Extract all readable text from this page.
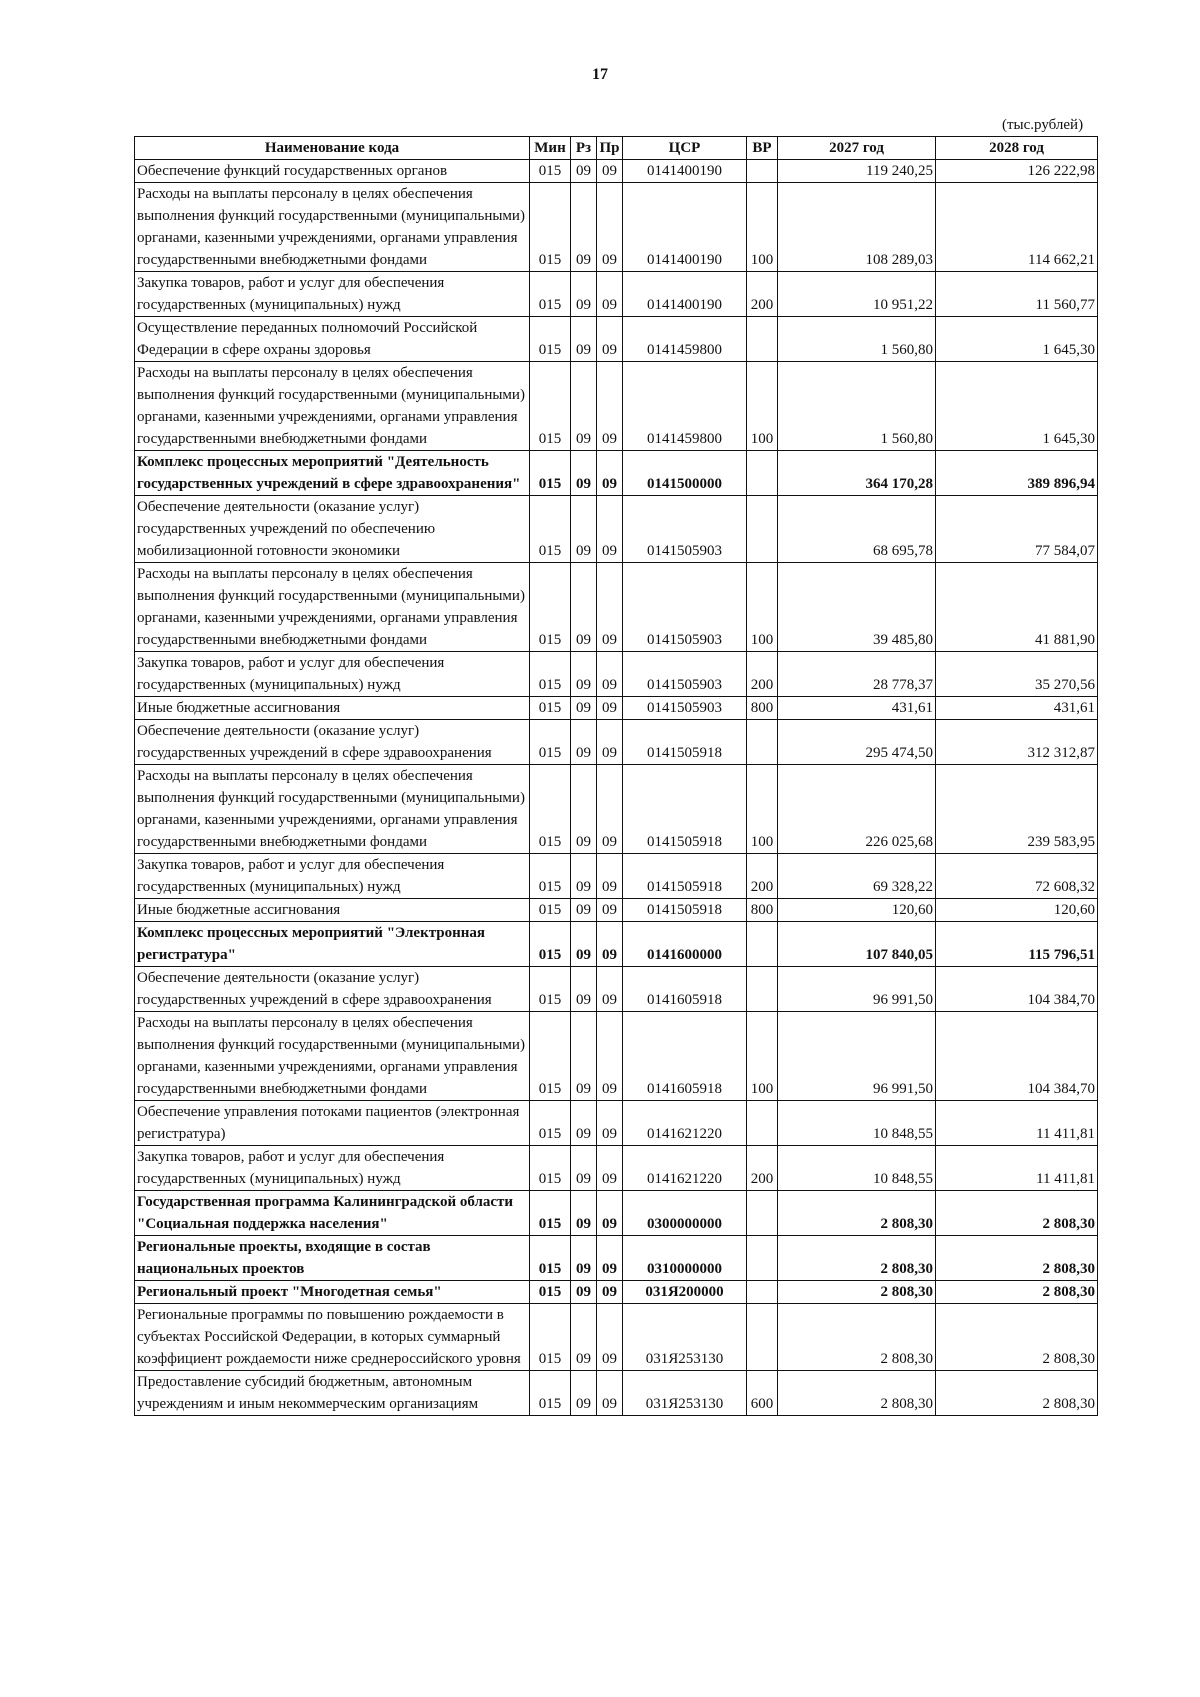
17
(тыс.рублей)
Наименование кода	Мин	Рз	Пр	ЦСР	ВР	2027 год	2028 год
Обеспечение функций государственных органов	015	09	09	0141400190		119 240,25	126 222,98
Расходы на выплаты персоналу в целях обеспечения выполнения функций государственными (муниципальными) органами, казенными учреждениями, органами управления государственными внебюджетными фондами	015	09	09	0141400190	100	108 289,03	114 662,21
Закупка товаров, работ и услуг для обеспечения государственных (муниципальных) нужд	015	09	09	0141400190	200	10 951,22	11 560,77
Осуществление переданных полномочий Российской Федерации в сфере охраны здоровья	015	09	09	0141459800		1 560,80	1 645,30
Расходы на выплаты персоналу в целях обеспечения выполнения функций государственными (муниципальными) органами, казенными учреждениями, органами управления государственными внебюджетными фондами	015	09	09	0141459800	100	1 560,80	1 645,30
Комплекс процессных мероприятий "Деятельность государственных учреждений в сфере здравоохранения"	015	09	09	0141500000		364 170,28	389 896,94
Обеспечение деятельности (оказание услуг) государственных учреждений по обеспечению мобилизационной готовности экономики	015	09	09	0141505903		68 695,78	77 584,07
Расходы на выплаты персоналу в целях обеспечения выполнения функций государственными (муниципальными) органами, казенными учреждениями, органами управления государственными внебюджетными фондами	015	09	09	0141505903	100	39 485,80	41 881,90
Закупка товаров, работ и услуг для обеспечения государственных (муниципальных) нужд	015	09	09	0141505903	200	28 778,37	35 270,56
Иные бюджетные ассигнования	015	09	09	0141505903	800	431,61	431,61
Обеспечение деятельности (оказание услуг) государственных учреждений в сфере здравоохранения	015	09	09	0141505918		295 474,50	312 312,87
Расходы на выплаты персоналу в целях обеспечения выполнения функций государственными (муниципальными) органами, казенными учреждениями, органами управления государственными внебюджетными фондами	015	09	09	0141505918	100	226 025,68	239 583,95
Закупка товаров, работ и услуг для обеспечения государственных (муниципальных) нужд	015	09	09	0141505918	200	69 328,22	72 608,32
Иные бюджетные ассигнования	015	09	09	0141505918	800	120,60	120,60
Комплекс процессных мероприятий "Электронная регистратура"	015	09	09	0141600000		107 840,05	115 796,51
Обеспечение деятельности (оказание услуг) государственных учреждений в сфере здравоохранения	015	09	09	0141605918		96 991,50	104 384,70
Расходы на выплаты персоналу в целях обеспечения выполнения функций государственными (муниципальными) органами, казенными учреждениями, органами управления государственными внебюджетными фондами	015	09	09	0141605918	100	96 991,50	104 384,70
Обеспечение управления потоками пациентов (электронная регистратура)	015	09	09	0141621220		10 848,55	11 411,81
Закупка товаров, работ и услуг для обеспечения государственных (муниципальных) нужд	015	09	09	0141621220	200	10 848,55	11 411,81
Государственная программа Калининградской области "Социальная поддержка населения"	015	09	09	0300000000		2 808,30	2 808,30
Региональные проекты, входящие в состав национальных проектов	015	09	09	0310000000		2 808,30	2 808,30
Региональный проект "Многодетная семья"	015	09	09	031Я200000		2 808,30	2 808,30
Региональные программы по повышению рождаемости в субъектах Российской Федерации, в которых суммарный коэффициент рождаемости ниже среднероссийского уровня	015	09	09	031Я253130		2 808,30	2 808,30
Предоставление субсидий бюджетным, автономным учреждениям и иным некоммерческим организациям	015	09	09	031Я253130	600	2 808,30	2 808,30
